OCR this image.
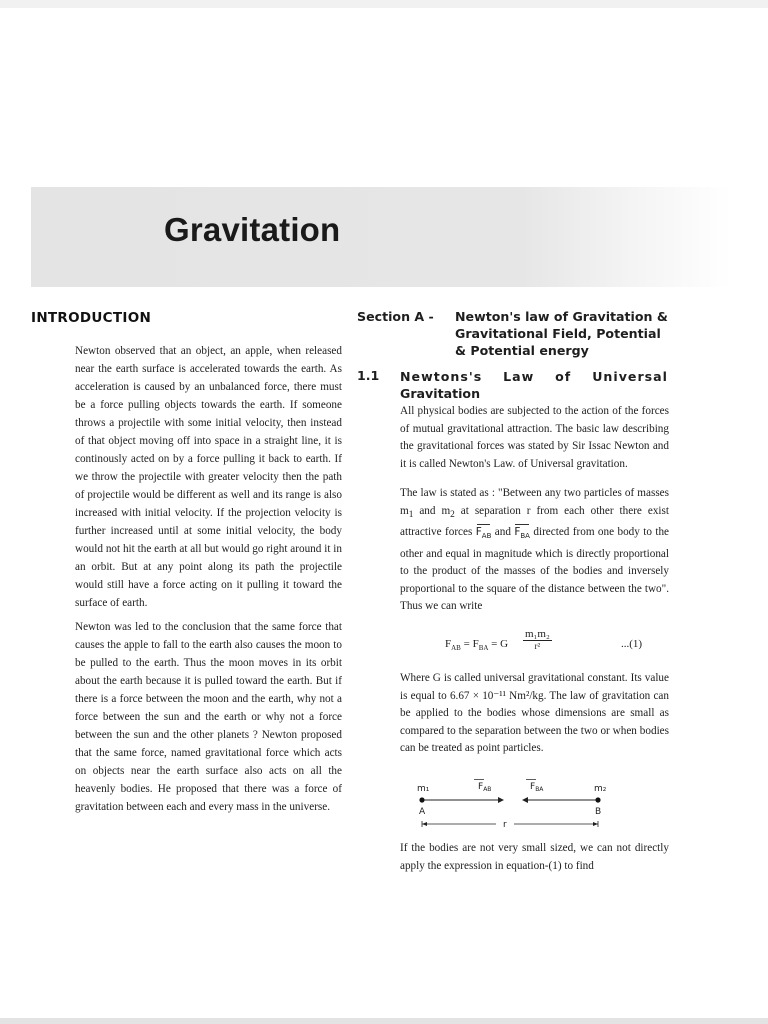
Gravitation
INTRODUCTION

Newton observed that an object, an apple, when released near the earth surface is accelerated towards the earth. As acceleration is caused by an unbalanced force, there must be a force pulling objects towards the earth. If someone throws a projectile with some initial velocity, then instead of that object moving off into space in a straight line, it is continously acted on by a force pulling it back to earth. If we throw the projectile with greater velocity then the path of projectile would be different as well and its range is also increased with initial velocity. If the projection velocity is further increased until at some initial velocity, the body would not hit the earth at all but would go right around it in an orbit. But at any point along its path the projectile would still have a force acting on it pulling it toward the surface of earth.

Newton was led to the conclusion that the same force that causes the apple to fall to the earth also causes the moon to be pulled to the earth. Thus the moon moves in its orbit about the earth because it is pulled toward the earth. But if there is a force between the moon and the earth, why not a force between the sun and the earth or why not a force between the sun and the other planets ? Newton proposed that the same force, named gravitational force which acts on objects near the earth surface also acts on all the heavenly bodies. He proposed that there was a force of gravitation between each and every mass in the universe.

Section A - Newton's law of Gravitation & Gravitational Field, Potential & Potential energy
1.1 Newtons's Law of Universal
Gravitation

All physical bodies are subjected to the action of the forces of mutual gravitational attraction. The basic law describing the gravitational forces was stated by Sir Issac Newton and it is called Newton's Law. of Universal gravitation.

The law is stated as : "Between any two particles of masses $m_1$ and $m_2$ at separation r from each other there exist attractive forces $F_{AB}$ and $F_{BA}$ directed from one body to the other and equal in magnitude which is directly proportional to the product of the masses of the bodies and inversely proportional to the square of the distance between the two". Thus we can write

$F_{AB} = F_{BA} = G$
m₁m₂
r²	...(1)

Where G is called universal gravitational constant. Its value is equal to 6.67 × 10⁻¹¹ Nm²/kg. The law of gravitation can be applied to the bodies whose dimensions are small as compared to the separation between the two or when bodies can be treated as point particles.

m₁	m₂
$F_{AB}$	$F_{BA}$
A	B
r

If the bodies are not very small sized, we can not directly apply the expression in equation-(1) to find
